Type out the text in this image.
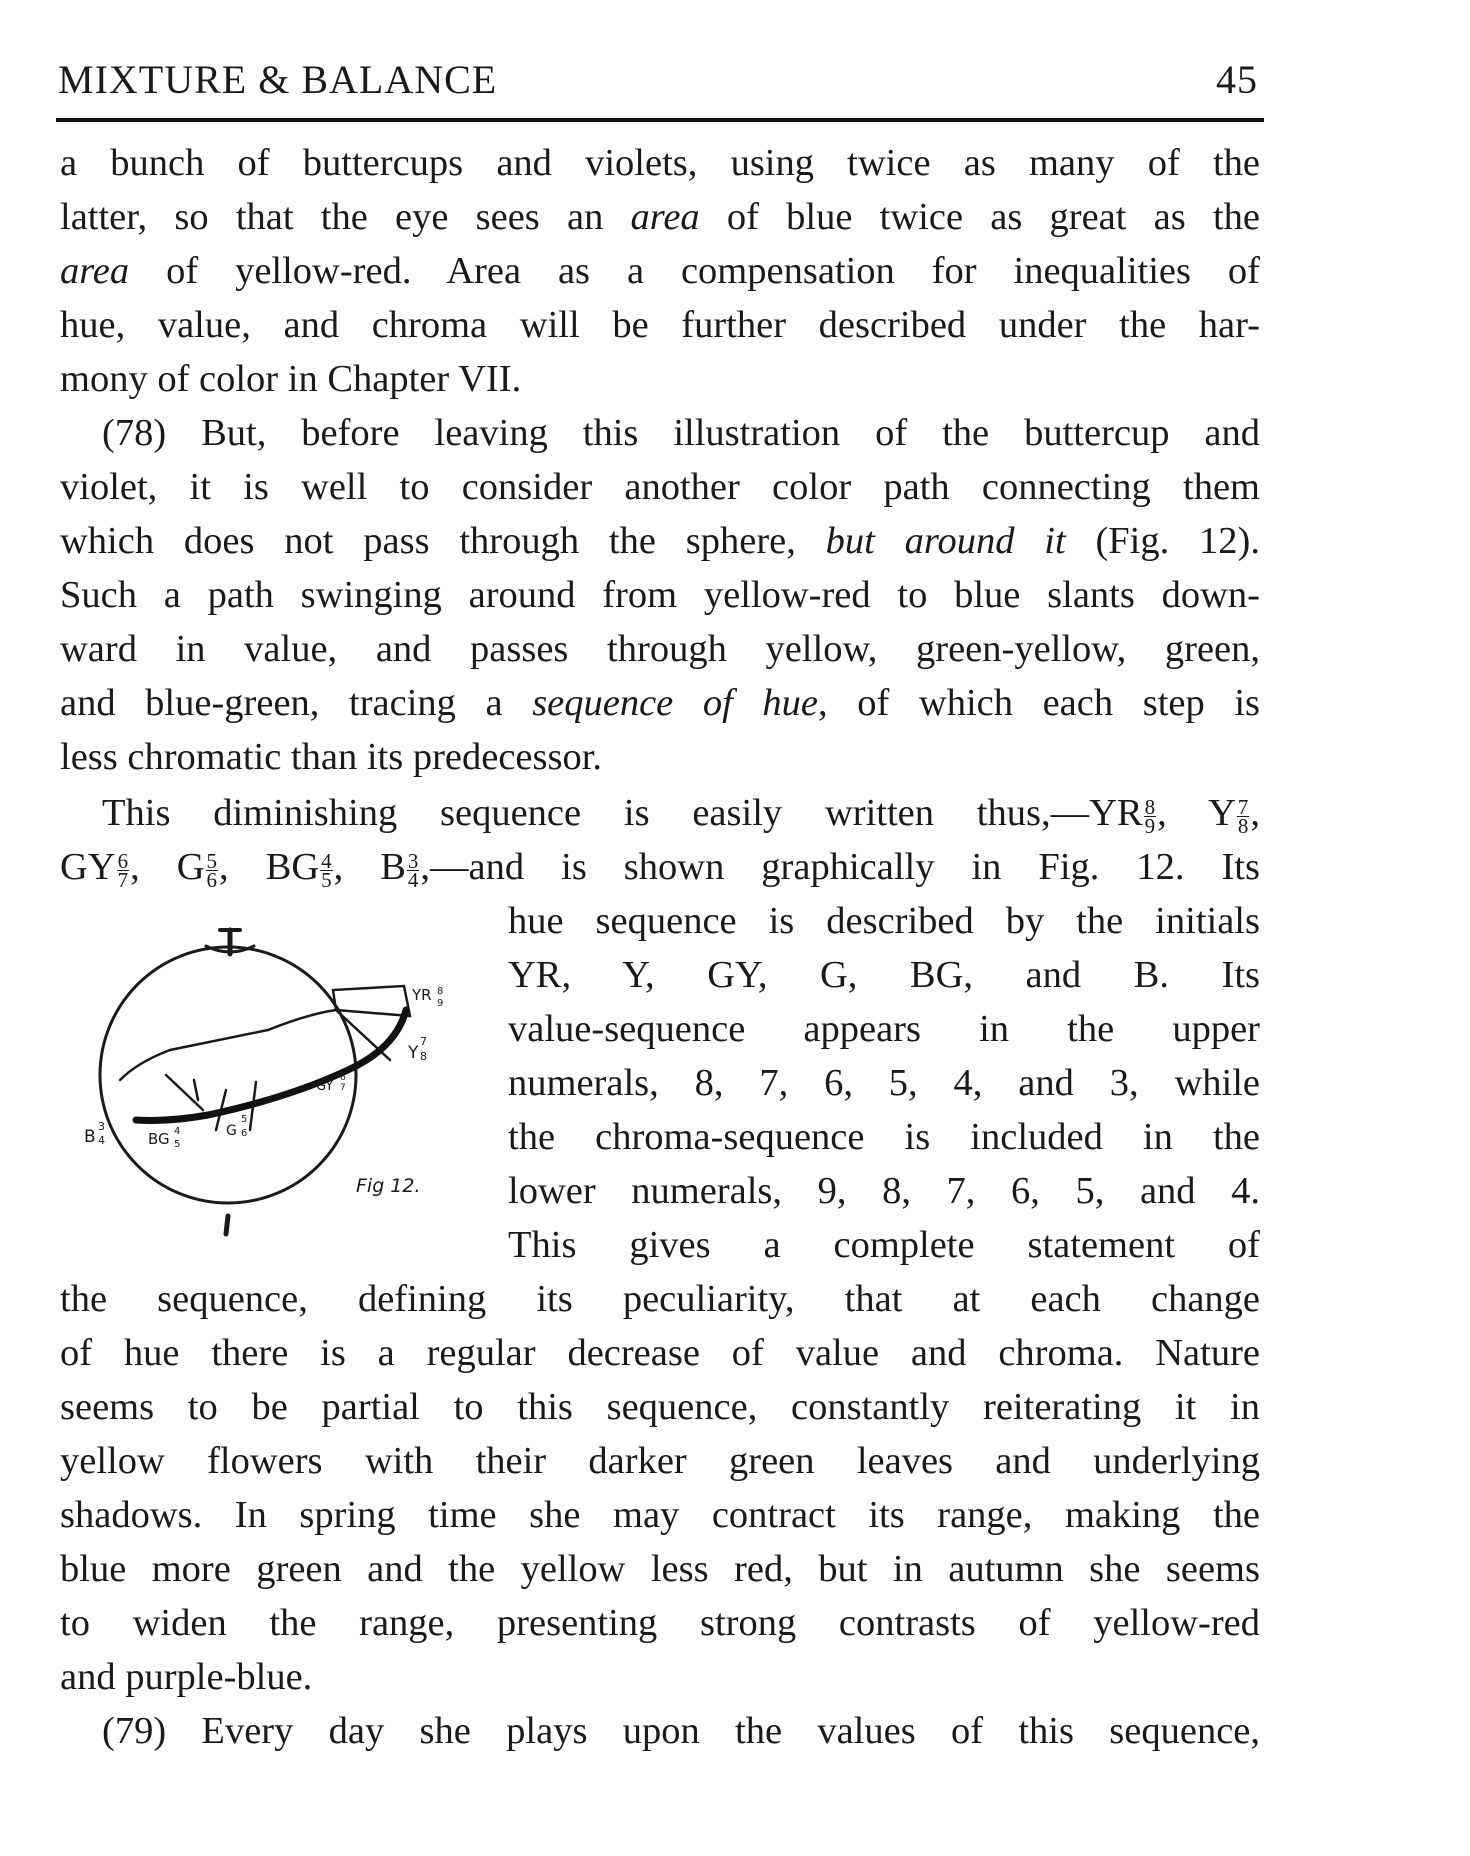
MIXTURE & BALANCE	45
a bunch of buttercups and violets, using twice as many of the
latter, so that the eye sees an area of blue twice as great as the
area of yellow-red. Area as a compensation for inequalities of
hue, value, and chroma will be further described under the har-
mony of color in Chapter VII.
(78) But, before leaving this illustration of the buttercup and
violet, it is well to consider another color path connecting them
which does not pass through the sphere, but around it (Fig. 12).
Such a path swinging around from yellow-red to blue slants down-
ward in value, and passes through yellow, green-yellow, green,
and blue-green, tracing a sequence of hue, of which each step is
less chromatic than its predecessor.
This diminishing sequence is easily written thus,—YR $\frac{8}{9}$ , Y $\frac{7}{8}$ ,
GY $\frac{6}{7}$ , G $\frac{5}{6}$ , BG $\frac{4}{5}$ , B $\frac{3}{4}$ ,—and is shown graphically in Fig. 12. Its
hue sequence is described by the initials
YR, Y, GY, G, BG, and B. Its
value-sequence appears in the upper
numerals, 8, 7, 6, 5, 4, and 3, while
the chroma-sequence is included in the
lower numerals, 9, 8, 7, 6, 5, and 4.
This gives a complete statement of
the sequence, defining its peculiarity, that at each change
of hue there is a regular decrease of value and chroma. Nature
seems to be partial to this sequence, constantly reiterating it in
yellow flowers with their darker green leaves and underlying
shadows. In spring time she may contract its range, making the
blue more green and the yellow less red, but in autumn she seems
to widen the range, presenting strong contrasts of yellow-red
and purple-blue.
(79) Every day she plays upon the values of this sequence,
YR 8
9
Y
7
8
GY
6
7
G
5
6
BG 4
5
B
3
4
Fig 12.
